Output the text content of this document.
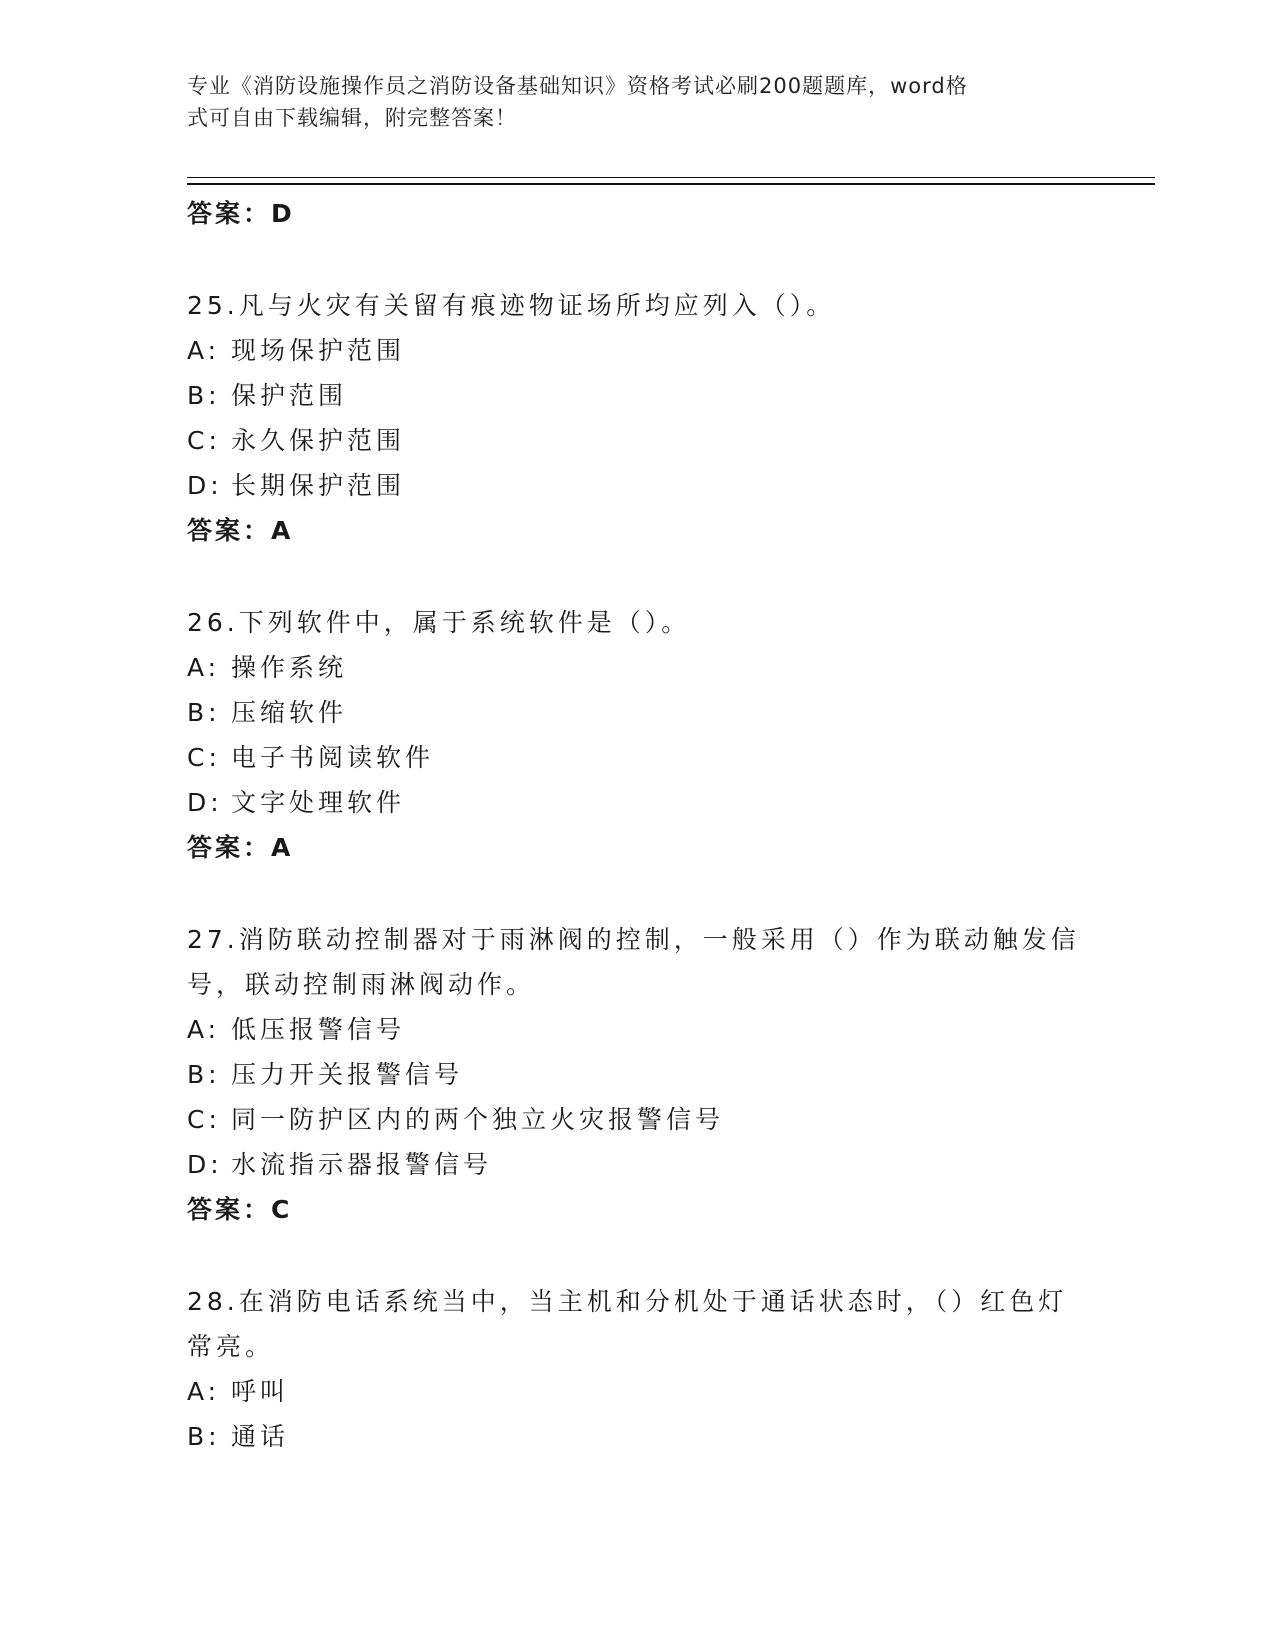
专业《消防设施操作员之消防设备基础知识》资格考试必刷200题题库，word格
式可自由下载编辑，附完整答案！
答案：D
25.凡与火灾有关留有痕迹物证场所均应列入（）。
A: 现场保护范围
B: 保护范围
C: 永久保护范围
D: 长期保护范围
答案：A
26.下列软件中，属于系统软件是（）。
A: 操作系统
B: 压缩软件
C: 电子书阅读软件
D: 文字处理软件
答案：A
27.消防联动控制器对于雨淋阀的控制，一般采用（）作为联动触发信
号，联动控制雨淋阀动作。
A: 低压报警信号
B: 压力开关报警信号
C: 同一防护区内的两个独立火灾报警信号
D: 水流指示器报警信号
答案：C
28.在消防电话系统当中，当主机和分机处于通话状态时，（）红色灯
常亮。
A: 呼叫
B: 通话
